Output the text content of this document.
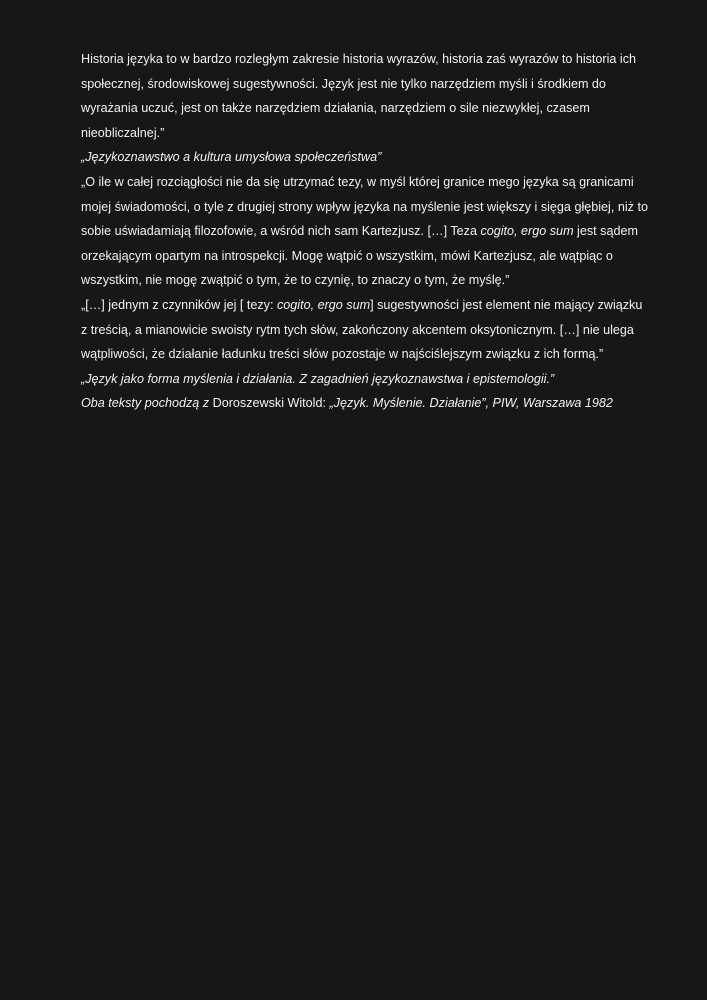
Historia języka to w bardzo rozległym zakresie historia wyrazów, historia zaś wyrazów to historia ich społecznej, środowiskowej sugestywności. Język jest nie tylko narzędziem myśli i środkiem do wyrażania uczuć, jest on także narzędziem działania, narzędziem o sile niezwykłej, czasem nieobliczalnej.”

„Językoznawstwo a kultura umysłowa społeczeństwa”

„O ile w całej rozciągłości nie da się utrzymać tezy, w myśl której granice mego języka są granicami mojej świadomości, o tyle z drugiej strony wpływ języka na myślenie jest większy i sięga głębiej, niż to sobie uświadamiają filozofowie, a wśród nich sam Kartezjusz. […] Teza cogito, ergo sum jest sądem orzekającym opartym na introspekcji. Mogę wątpić o wszystkim, mówi Kartezjusz, ale wątpiąc o wszystkim, nie mogę zwątpić o tym, że to czynię, to znaczy o tym, że myślę.”

„[…] jednym z czynników jej [ tezy: cogito, ergo sum] sugestywności jest element nie mający związku z treścią, a mianowicie swoisty rytm tych słów, zakończony akcentem oksytonicznym. […] nie ulega wątpliwości, że działanie ładunku treści słów pozostaje w najściślejszym związku z ich formą.”

„Język jako forma myślenia i działania. Z zagadnień językoznawstwa i epistemologii.”

Oba teksty pochodzą z Doroszewski Witold: „Język. Myślenie. Działanie”, PIW, Warszawa 1982
